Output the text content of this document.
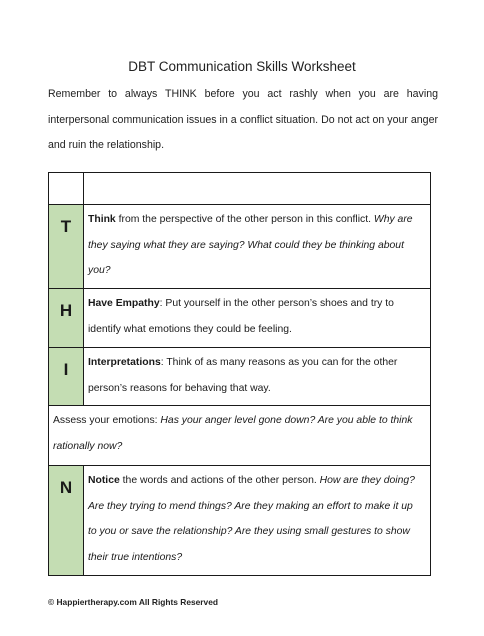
DBT Communication Skills Worksheet
Remember to always THINK before you act rashly when you are having interpersonal communication issues in a conflict situation. Do not act on your anger and ruin the relationship.

T	Think from the perspective of the other person in this conflict. Why are they saying what they are saying? What could they be thinking about you?

H	Have Empathy: Put yourself in the other person’s shoes and try to identify what emotions they could be feeling.

I	Interpretations: Think of as many reasons as you can for the other person’s reasons for behaving that way.

Assess your emotions: Has your anger level gone down? Are you able to think rationally now?	

N	Notice the words and actions of the other person. How are they doing? Are they trying to mend things? Are they making an effort to make it up to you or save the relationship? Are they using small gestures to show their true intentions?
© Happiertherapy.com All Rights Reserved
